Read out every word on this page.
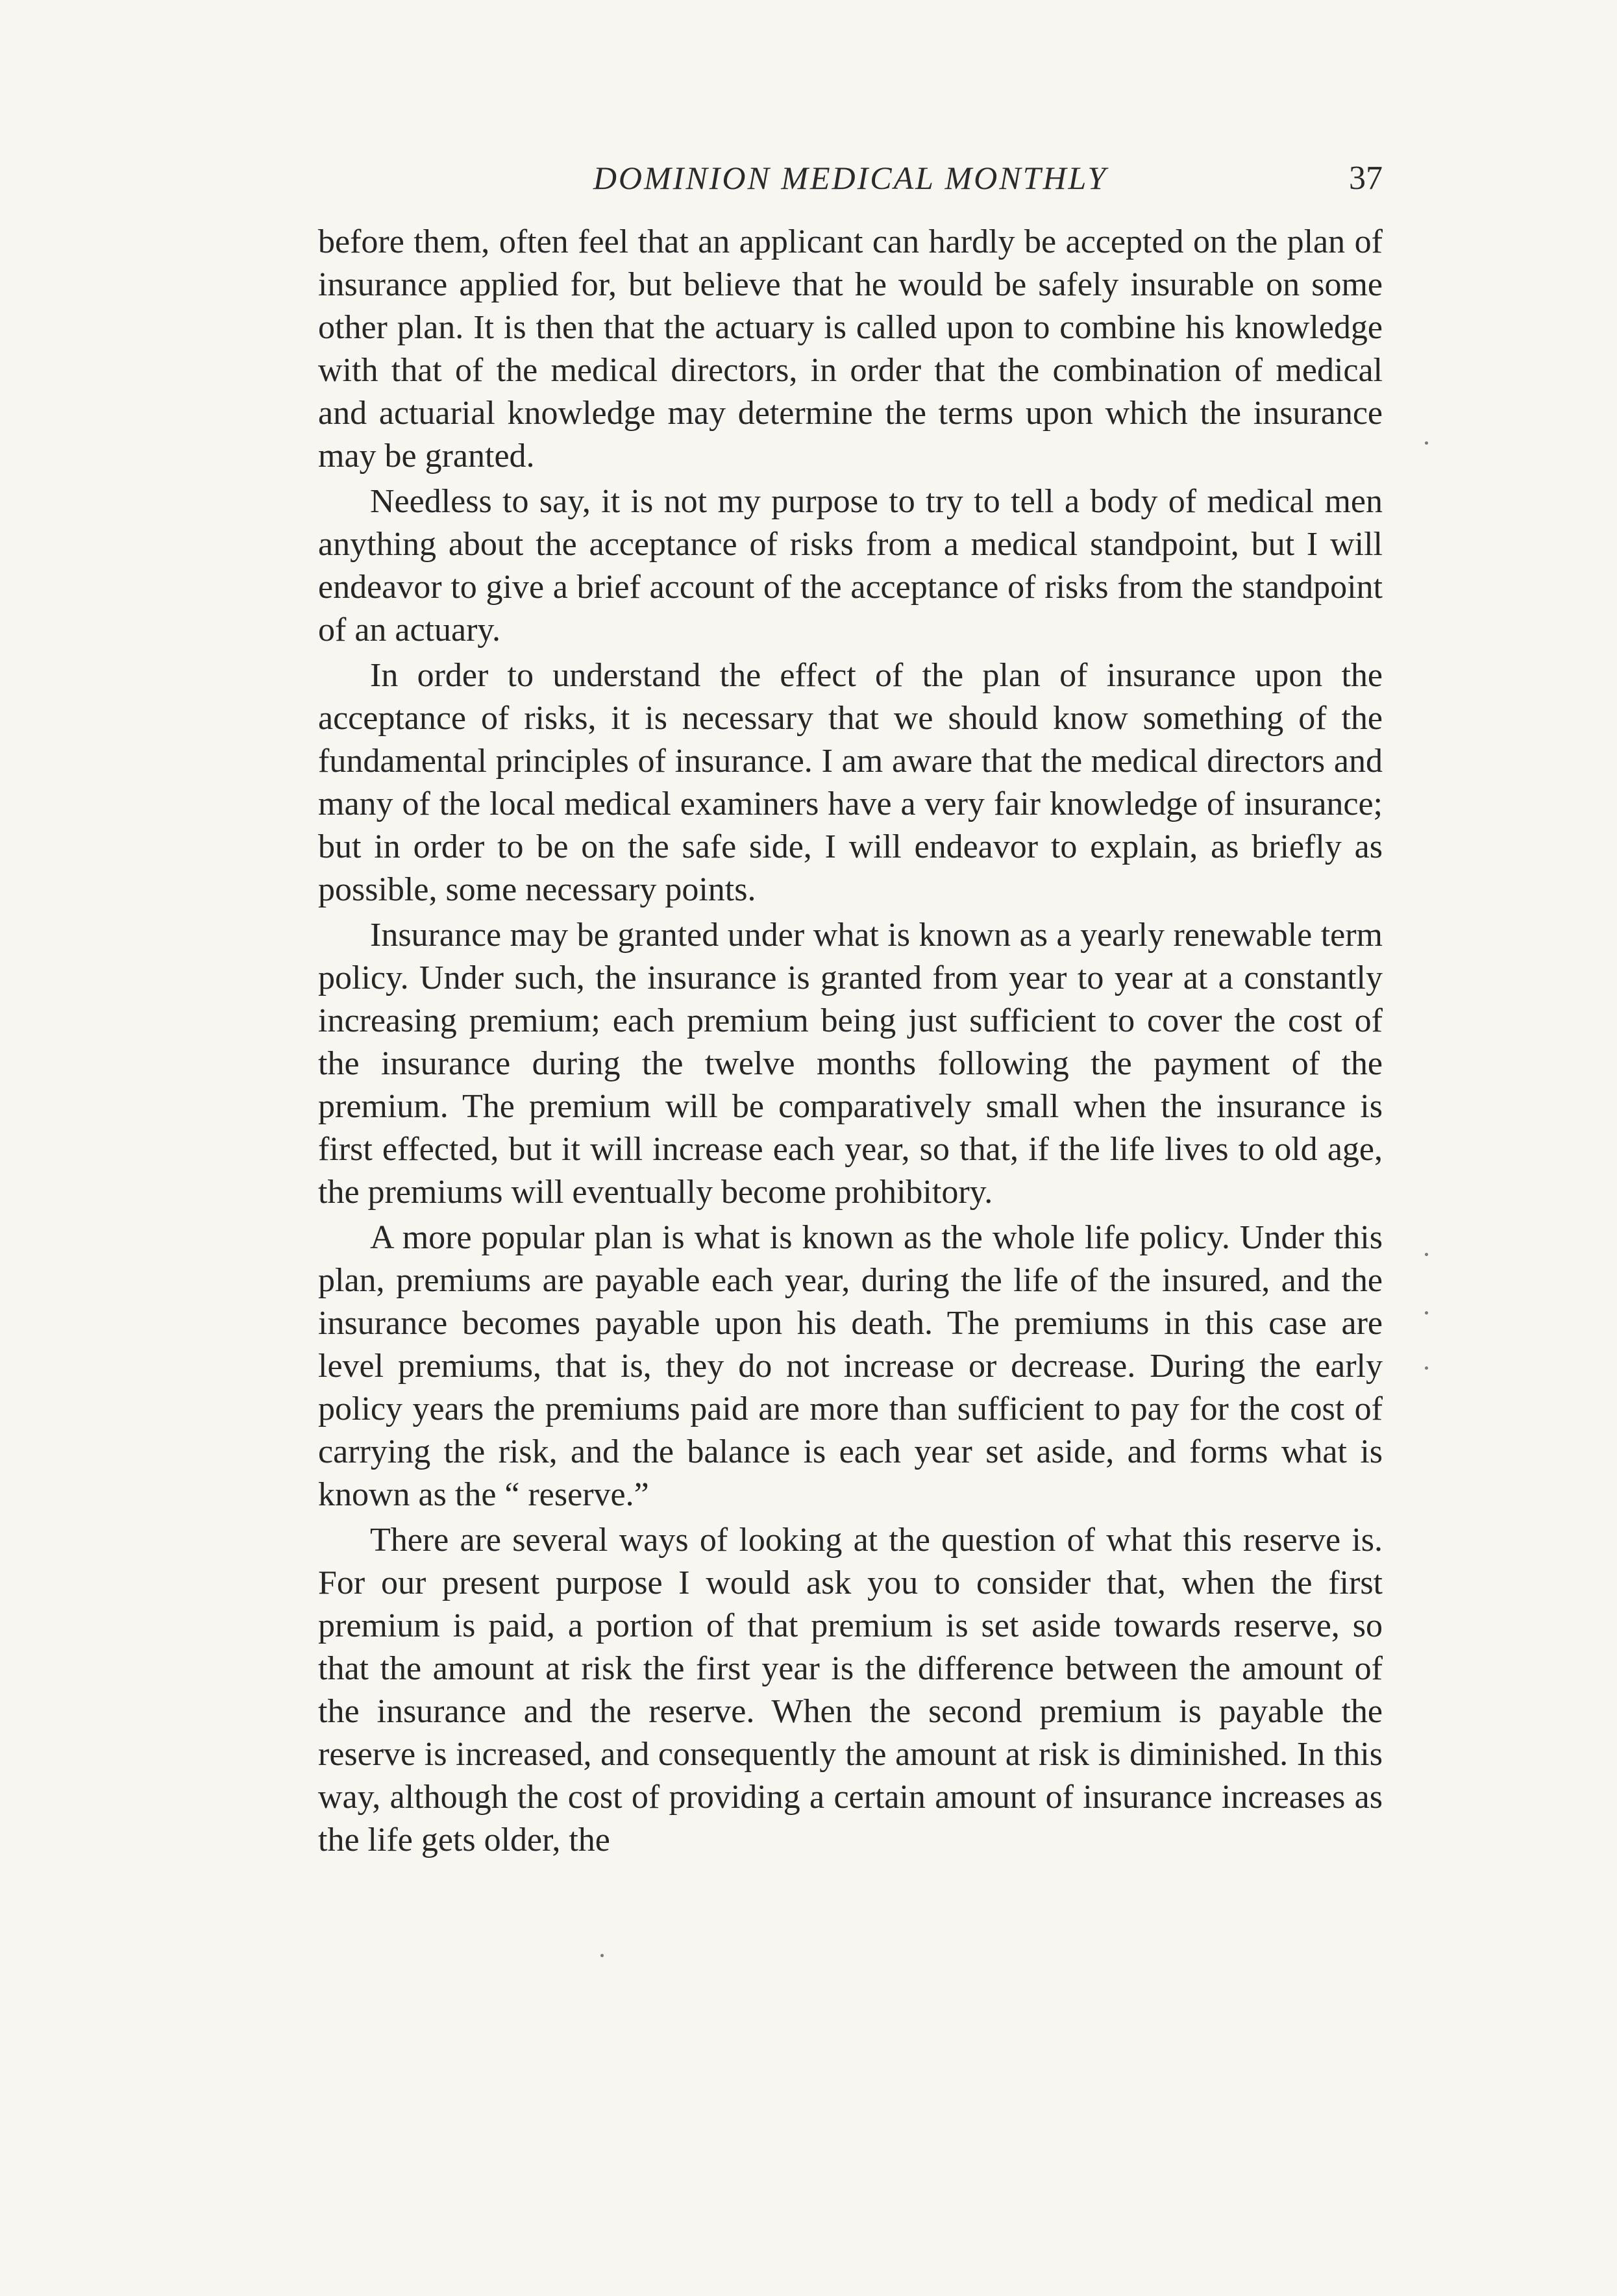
DOMINION MEDICAL MONTHLY	37

before them, often feel that an applicant can hardly be accepted on the plan of insurance applied for, but believe that he would be safely insurable on some other plan. It is then that the actuary is called upon to combine his knowledge with that of the medical directors, in order that the combination of medical and actuarial knowledge may determine the terms upon which the insurance may be granted.

Needless to say, it is not my purpose to try to tell a body of medical men anything about the acceptance of risks from a medical standpoint, but I will endeavor to give a brief account of the acceptance of risks from the standpoint of an actuary.

In order to understand the effect of the plan of insurance upon the acceptance of risks, it is necessary that we should know something of the fundamental principles of insurance. I am aware that the medical directors and many of the local medical examiners have a very fair knowledge of insurance; but in order to be on the safe side, I will endeavor to explain, as briefly as possible, some necessary points.

Insurance may be granted under what is known as a yearly renewable term policy. Under such, the insurance is granted from year to year at a constantly increasing premium; each premium being just sufficient to cover the cost of the insurance during the twelve months following the payment of the premium. The premium will be comparatively small when the insurance is first effected, but it will increase each year, so that, if the life lives to old age, the premiums will eventually become prohibitory.

A more popular plan is what is known as the whole life policy. Under this plan, premiums are payable each year, during the life of the insured, and the insurance becomes payable upon his death. The premiums in this case are level premiums, that is, they do not increase or decrease. During the early policy years the premiums paid are more than sufficient to pay for the cost of carrying the risk, and the balance is each year set aside, and forms what is known as the “ reserve.”

There are several ways of looking at the question of what this reserve is. For our present purpose I would ask you to consider that, when the first premium is paid, a portion of that premium is set aside towards reserve, so that the amount at risk the first year is the difference between the amount of the insurance and the reserve. When the second premium is payable the reserve is increased, and consequently the amount at risk is diminished. In this way, although the cost of providing a certain amount of insurance increases as the life gets older, the
